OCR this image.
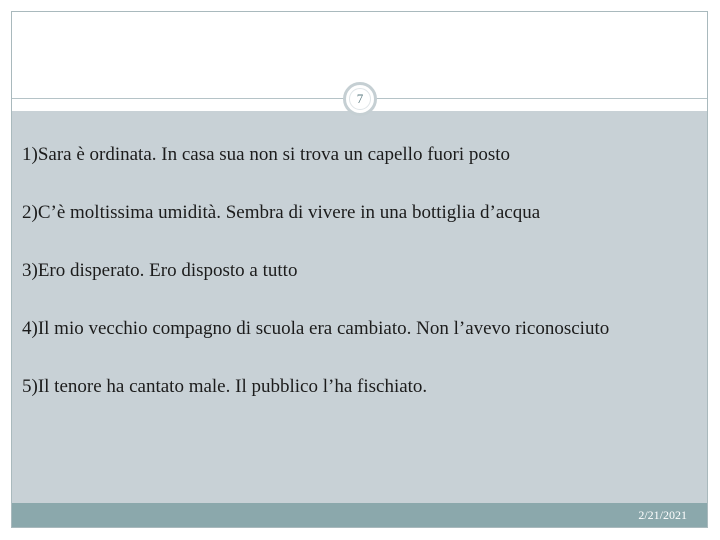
7
1)Sara è ordinata. In casa sua non si trova un capello fuori posto
2)C’è moltissima umidità. Sembra di vivere in una bottiglia d’acqua
3)Ero disperato. Ero disposto a tutto
4)Il mio vecchio compagno di scuola era cambiato. Non l’avevo riconosciuto
5)Il tenore ha cantato male. Il pubblico l’ha fischiato.
2/21/2021
